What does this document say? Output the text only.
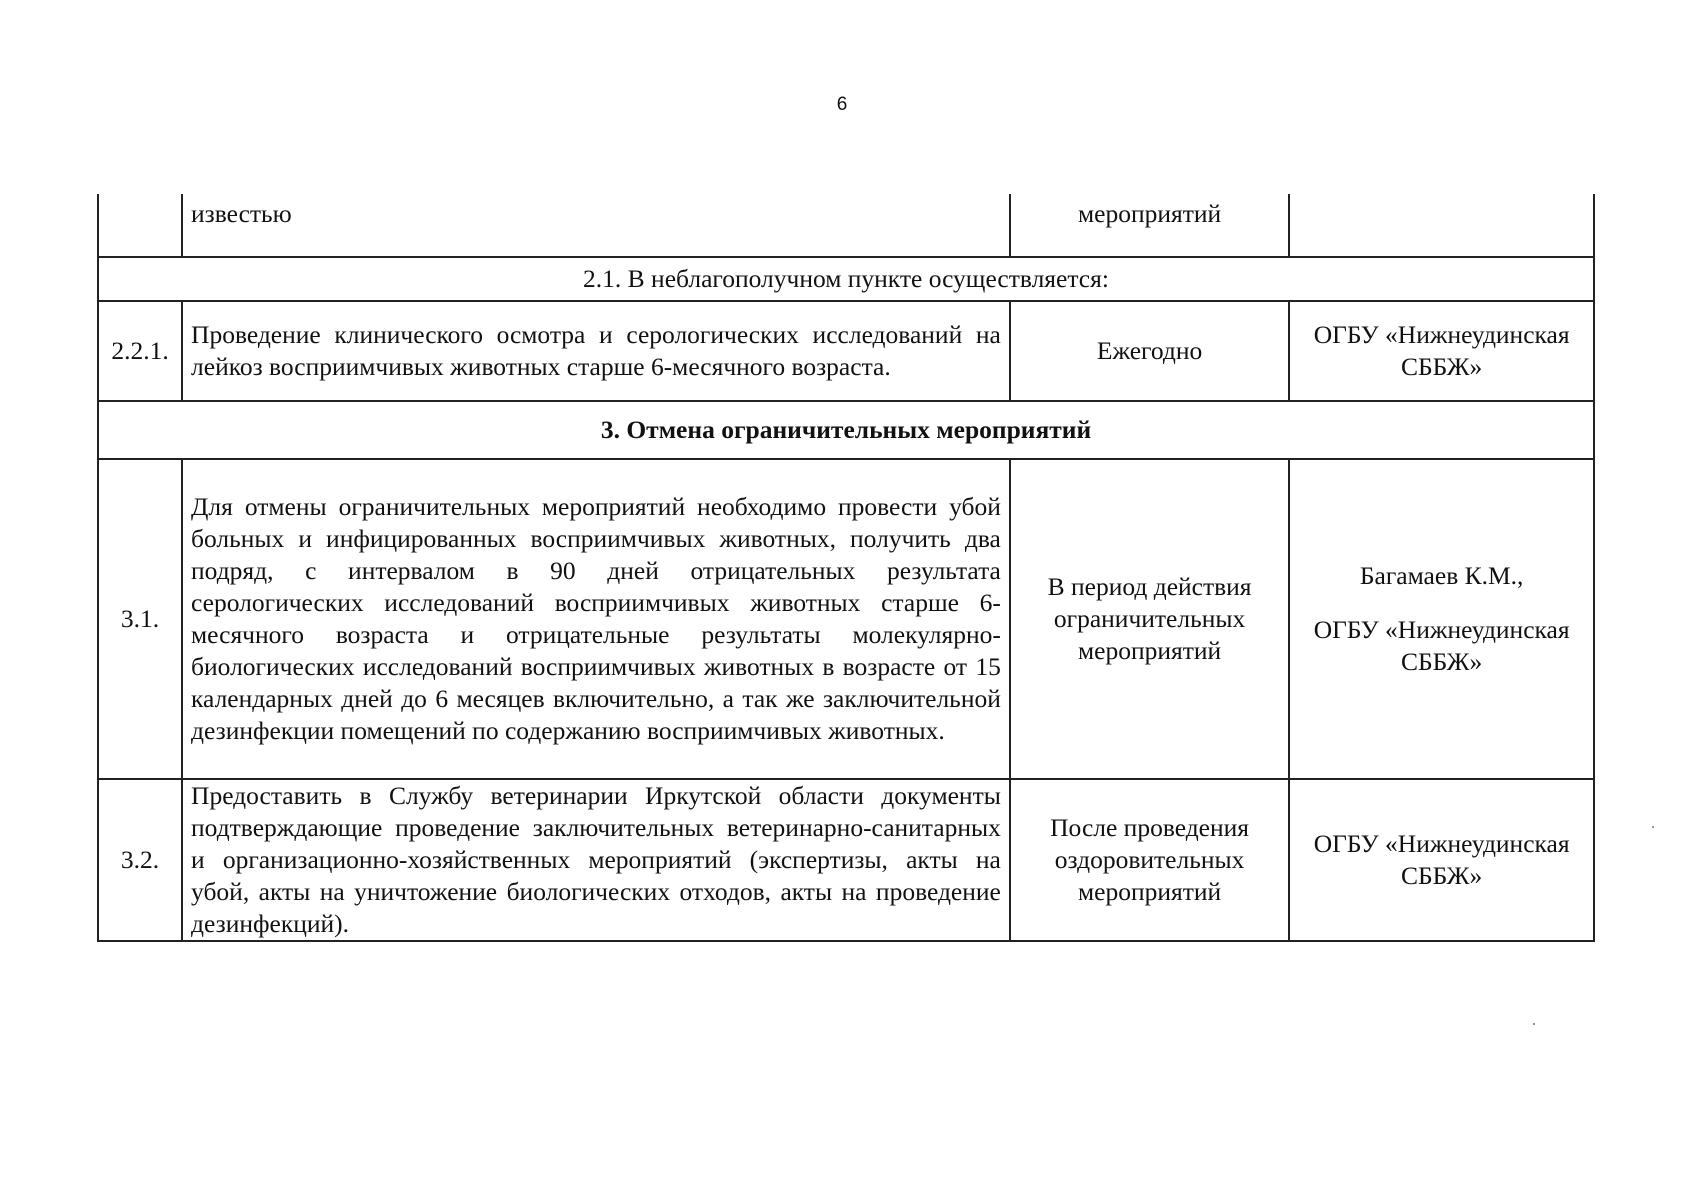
6
	известью	мероприятий	
2.1. В неблагополучном пункте осуществляется:			
2.2.1.	Проведение клинического осмотра и серологических исследований на лейкоз восприимчивых животных старше 6-месячного возраста.	Ежегодно	ОГБУ «Нижнеудинская СББЖ»
3. Отмена ограничительных мероприятий			
3.1.	Для отмены ограничительных мероприятий необходимо провести убой больных и инфицированных восприимчивых животных, получить два подряд, с интервалом в 90 дней отрицательных результата серологических исследований восприимчивых животных старше 6-месячного возраста и отрицательные результаты молекулярно-биологических исследований восприимчивых животных в возрасте от 15 календарных дней до 6 месяцев включительно, а так же заключительной дезинфекции помещений по содержанию восприимчивых животных.	В период действия ограничительных мероприятий	Багамаев К.М.,
ОГБУ «Нижнеудинская СББЖ»
3.2.	Предоставить в Службу ветеринарии Иркутской области документы подтверждающие проведение заключительных ветеринарно-санитарных и организационно-хозяйственных мероприятий (экспертизы, акты на убой, акты на уничтожение биологических отходов, акты на проведение дезинфекций).	После проведения оздоровительных мероприятий	ОГБУ «Нижнеудинская СББЖ»
